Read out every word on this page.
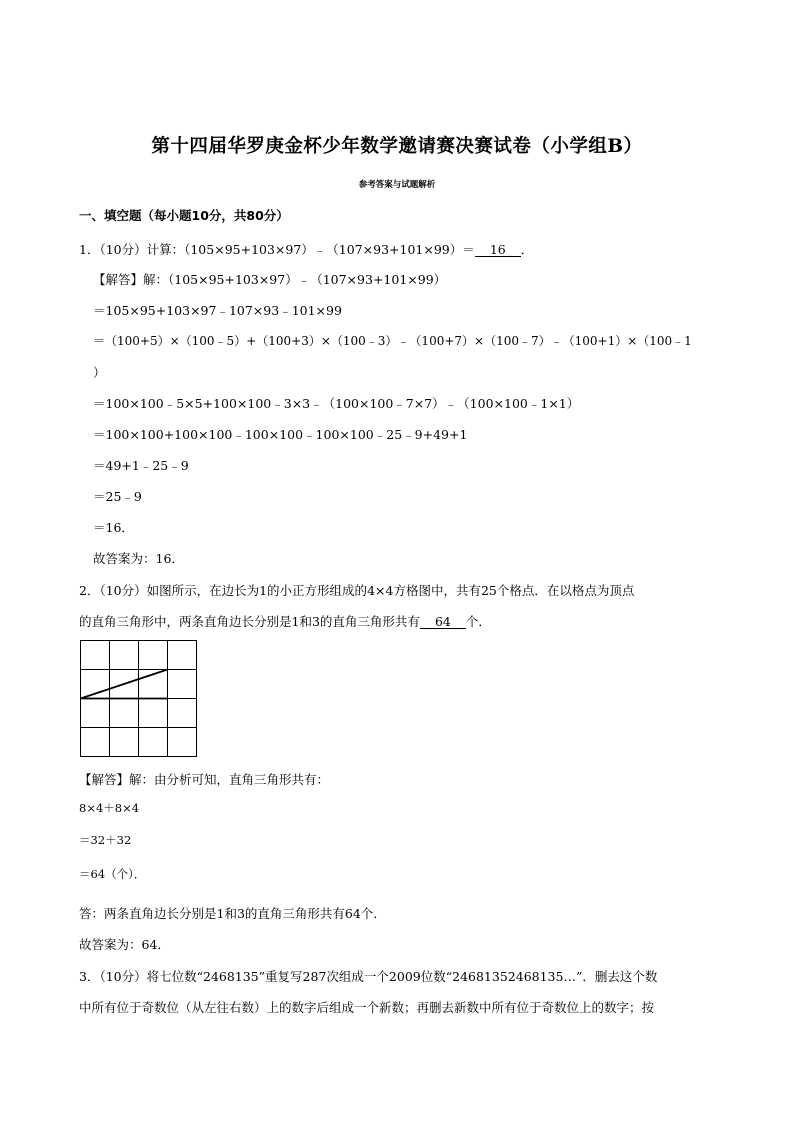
第十四届华罗庚金杯少年数学邀请赛决赛试卷（小学组B）
参考答案与试题解析
一、填空题（每小题10分，共80分）
1．（10分）计算：（105×95+103×97）﹣（107×93+101×99）＝ 16 ．
【解答】解：（105×95+103×97）﹣（107×93+101×99）
＝105×95+103×97﹣107×93﹣101×99
＝（100+5）×（100﹣5）+（100+3）×（100﹣3）﹣（100+7）×（100﹣7）﹣（100+1）×（100﹣1
）
＝100×100﹣5×5+100×100﹣3×3﹣（100×100﹣7×7）﹣（100×100﹣1×1）
＝100×100+100×100﹣100×100﹣100×100﹣25﹣9+49+1
＝49+1﹣25﹣9
＝25﹣9
＝16．
故答案为：16．
2．（10分）如图所示，在边长为1的小正方形组成的4×4方格图中，共有25个格点．在以格点为顶点
的直角三角形中，两条直角边长分别是1和3的直角三角形共有 64 个．
【解答】解：由分析可知，直角三角形共有：
8×4＋8×4
＝32＋32
＝64（个）．
答：两条直角边长分别是1和3的直角三角形共有64个．
故答案为：64．
3．（10分）将七位数“2468135”重复写287次组成一个2009位数“24681352468135…”．删去这个数
中所有位于奇数位（从左往右数）上的数字后组成一个新数；再删去新数中所有位于奇数位上的数字；按
